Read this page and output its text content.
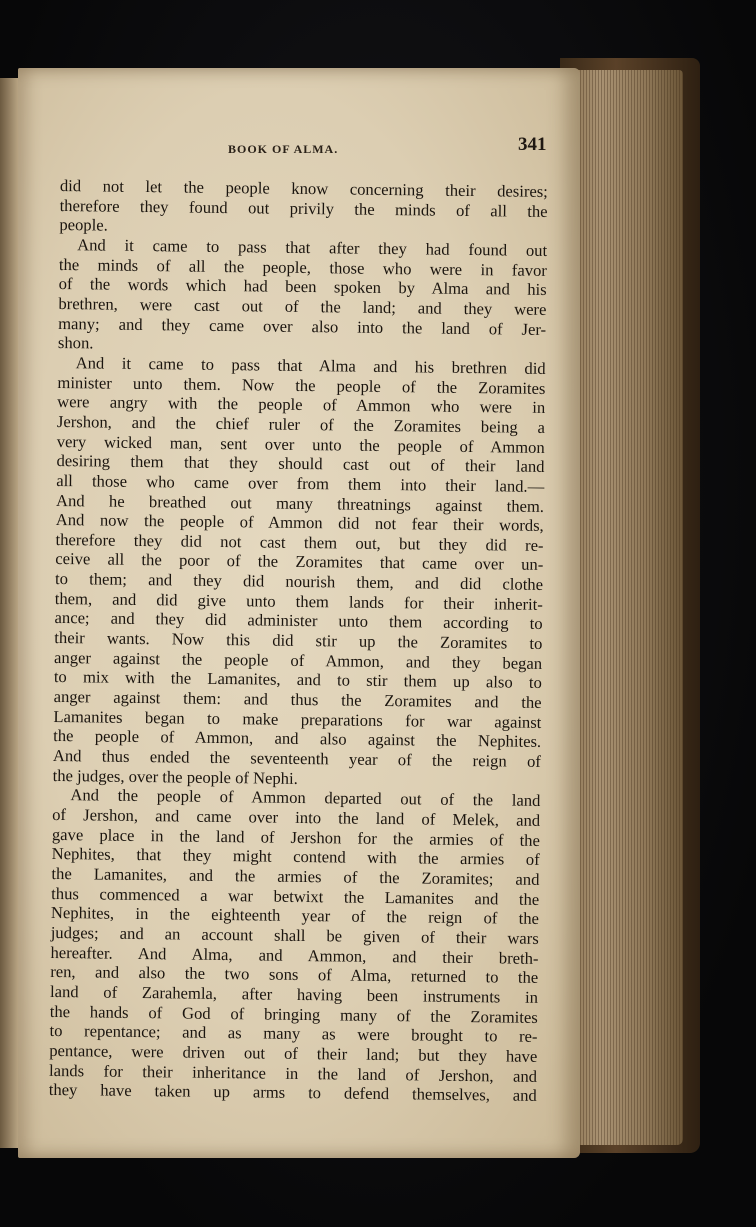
BOOK OF ALMA.	341
did not let the people know concerning their desires;
therefore they found out privily the minds of all the
people.
And it came to pass that after they had found out
the minds of all the people, those who were in favor
of the words which had been spoken by Alma and his
brethren, were cast out of the land; and they were
many; and they came over also into the land of Jer-
shon.
And it came to pass that Alma and his brethren did
minister unto them. Now the people of the Zoramites
were angry with the people of Ammon who were in
Jershon, and the chief ruler of the Zoramites being a
very wicked man, sent over unto the people of Ammon
desiring them that they should cast out of their land
all those who came over from them into their land.—
And he breathed out many threatnings against them.
And now the people of Ammon did not fear their words,
therefore they did not cast them out, but they did re-
ceive all the poor of the Zoramites that came over un-
to them; and they did nourish them, and did clothe
them, and did give unto them lands for their inherit-
ance; and they did administer unto them according to
their wants. Now this did stir up the Zoramites to
anger against the people of Ammon, and they began
to mix with the Lamanites, and to stir them up also to
anger against them: and thus the Zoramites and the
Lamanites began to make preparations for war against
the people of Ammon, and also against the Nephites.
And thus ended the seventeenth year of the reign of
the judges, over the people of Nephi.
And the people of Ammon departed out of the land
of Jershon, and came over into the land of Melek, and
gave place in the land of Jershon for the armies of the
Nephites, that they might contend with the armies of
the Lamanites, and the armies of the Zoramites; and
thus commenced a war betwixt the Lamanites and the
Nephites, in the eighteenth year of the reign of the
judges; and an account shall be given of their wars
hereafter. And Alma, and Ammon, and their breth-
ren, and also the two sons of Alma, returned to the
land of Zarahemla, after having been instruments in
the hands of God of bringing many of the Zoramites
to repentance; and as many as were brought to re-
pentance, were driven out of their land; but they have
lands for their inheritance in the land of Jershon, and
they have taken up arms to defend themselves, and
